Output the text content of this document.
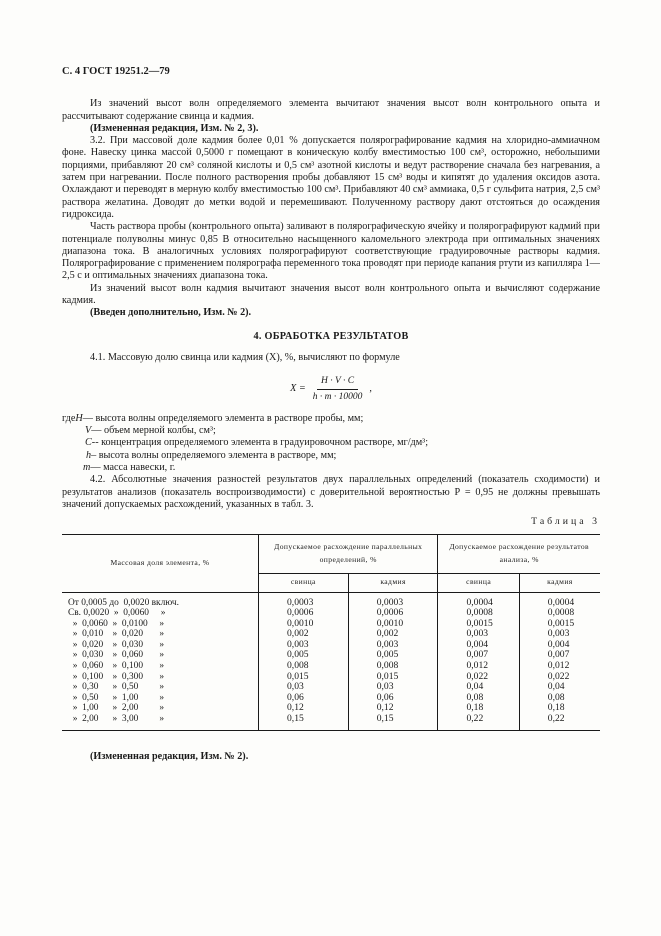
С. 4 ГОСТ 19251.2—79

Из значений высот волн определяемого элемента вычитают значения высот волн контрольного опыта и рассчитывают содержание свинца и кадмия.

(Измененная редакция, Изм. № 2, 3).

3.2. При массовой доле кадмия более 0,01 % допускается полярографирование кадмия на хлоридно-аммиачном фоне. Навеску цинка массой 0,5000 г помещают в коническую колбу вместимостью 100 см³, осторожно, небольшими порциями, прибавляют 20 см³ соляной кислоты и 0,5 см³ азотной кислоты и ведут растворение сначала без нагревания, а затем при нагревании. После полного растворения пробы добавляют 15 см³ воды и кипятят до удаления оксидов азота. Охлаждают и переводят в мерную колбу вместимостью 100 см³. Прибавляют 40 см³ аммиака, 0,5 г сульфита натрия, 2,5 см³ раствора желатина. Доводят до метки водой и перемешивают. Полученному раствору дают отстояться до осаждения гидроксида.

Часть раствора пробы (контрольного опыта) заливают в полярографическую ячейку и полярографируют кадмий при потенциале полуволны минус 0,85 В относительно насыщенного каломельного электрода при оптимальных значениях диапазона тока. В аналогичных условиях полярографируют соответствующие градуировочные растворы кадмия. Полярографирование с применением полярографа переменного тока проводят при периоде капания ртути из капилляра 1—2,5 с и оптимальных значениях диапазона тока.

Из значений высот волн кадмия вычитают значения высот волн контрольного опыта и вычисляют содержание кадмия.

(Введен дополнительно, Изм. № 2).

4. ОБРАБОТКА РЕЗУЛЬТАТОВ

4.1. Массовую долю свинца или кадмия (X), %, вычисляют по формуле

$X = \frac{H \cdot V \cdot C}{h \cdot m \cdot 10000}$ ,
где H — высота волны определяемого элемента в растворе пробы, мм;
V — объем мерной колбы, см³;
C -- концентрация определяемого элемента в градуировочном растворе, мг/дм³;
h – высота волны определяемого элемента в растворе, мм;
m — масса навески, г.

4.2. Абсолютные значения разностей результатов двух параллельных определений (показатель сходимости) и результатов анализов (показатель воспроизводимости) с доверительной вероятностью Р = 0,95 не должны превышать значений допускаемых расхождений, указанных в табл. 3.

Таблица 3
Массовая доля элемента, %	Допускаемое расхождение параллельных определений, %		Допускаемое расхождение результатов анализа, %	
	свинца	кадмия	свинца	кадмия

От 0,0005 до  0,0020 включ.	0,0003	0,0003	0,0004	0,0004
Св. 0,0020  »  0,0060     »	0,0006	0,0006	0,0008	0,0008
»  0,0060  »  0,0100     »	0,0010	0,0010	0,0015	0,0015
»  0,010    »  0,020       »	0,002	0,002	0,003	0,003
»  0,020    »  0,030       »	0,003	0,003	0,004	0,004
»  0,030    »  0,060       »	0,005	0,005	0,007	0,007
»  0,060    »  0,100       »	0,008	0,008	0,012	0,012
»  0,100    »  0,300       »	0,015	0,015	0,022	0,022
»  0,30      »  0,50         »	0,03	0,03	0,04	0,04
»  0,50      »  1,00         »	0,06	0,06	0,08	0,08
»  1,00      »  2,00         »	0,12	0,12	0,18	0,18
»  2,00      »  3,00         »	0,15	0,15	0,22	0,22

(Измененная редакция, Изм. № 2).
